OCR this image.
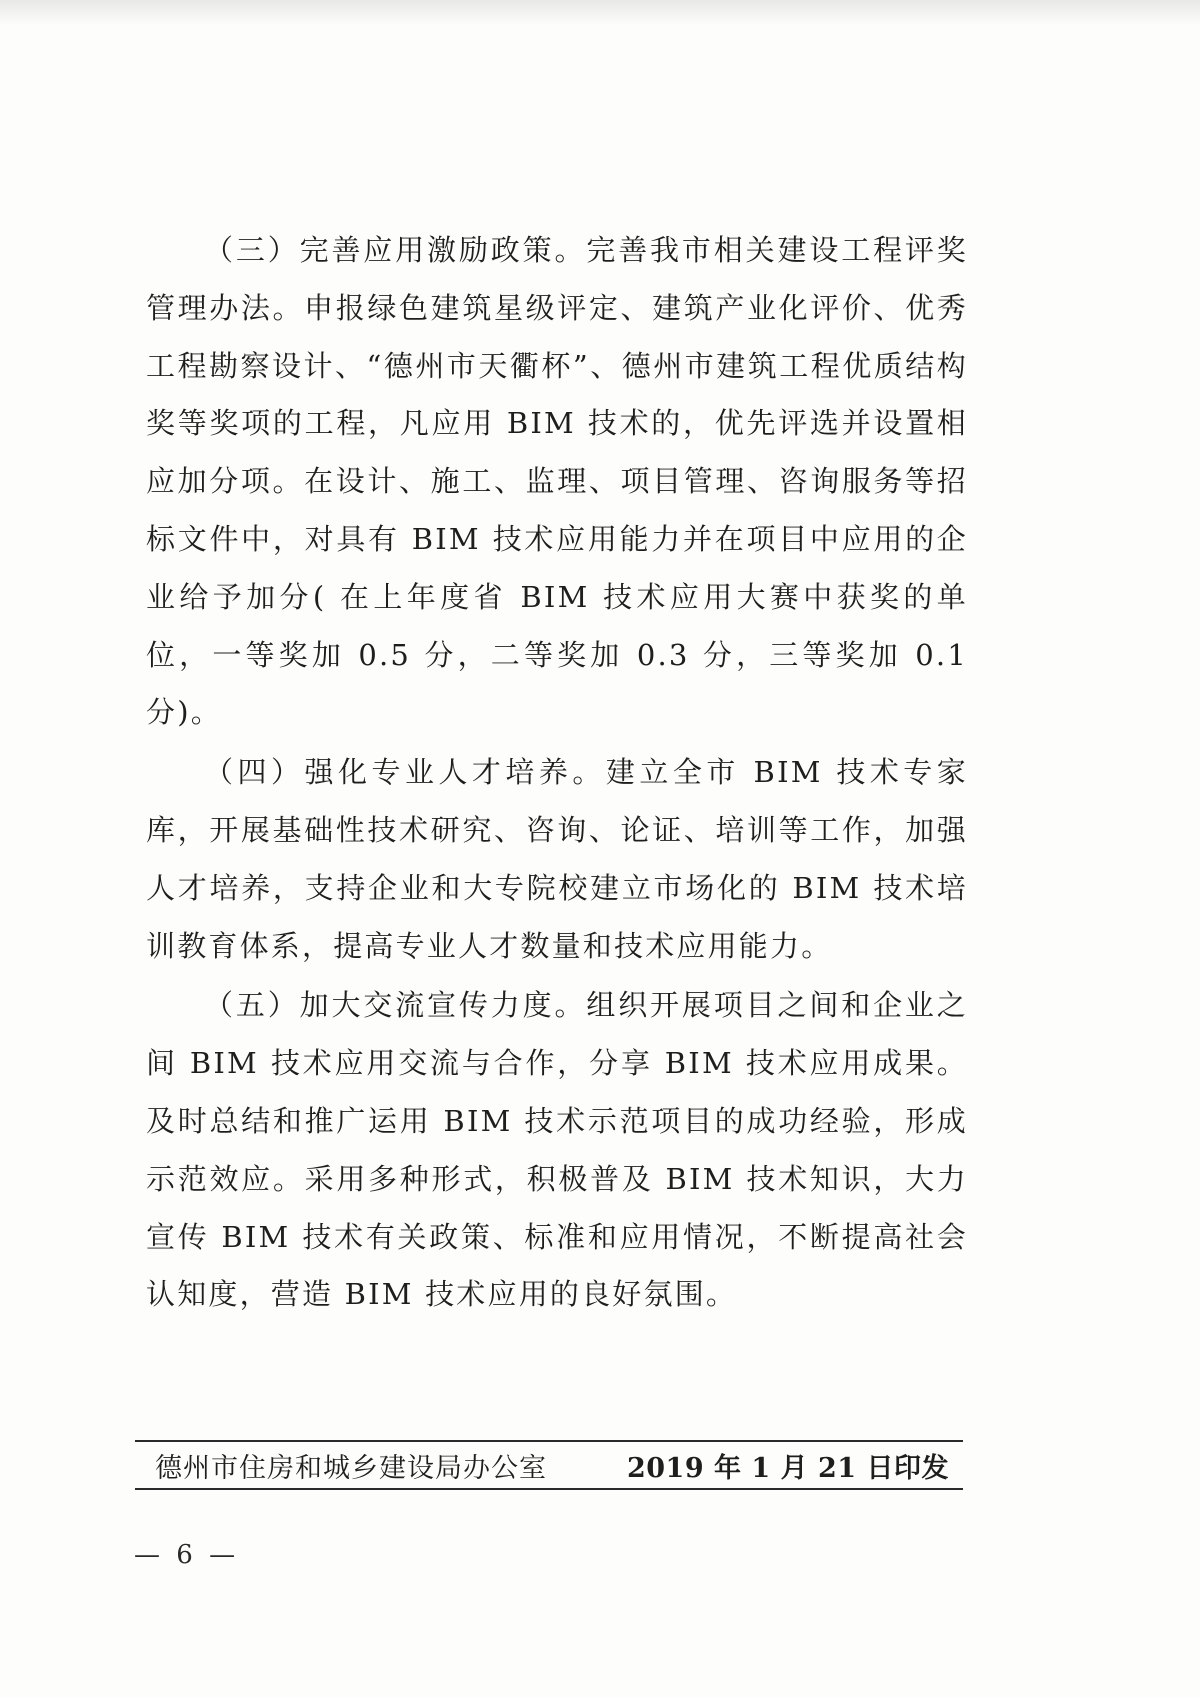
（三）完善应用激励政策。完善我市相关建设工程评奖管理办法。申报绿色建筑星级评定、建筑产业化评价、优秀工程勘察设计、“德州市天衢杯”、德州市建筑工程优质结构奖等奖项的工程，凡应用 BIM 技术的，优先评选并设置相应加分项。在设计、施工、监理、项目管理、咨询服务等招标文件中，对具有 BIM 技术应用能力并在项目中应用的企业给予加分( 在上年度省 BIM 技术应用大赛中获奖的单位，一等奖加 0.5 分，二等奖加 0.3 分，三等奖加 0.1 分)。

（四）强化专业人才培养。建立全市 BIM 技术专家库，开展基础性技术研究、咨询、论证、培训等工作，加强人才培养，支持企业和大专院校建立市场化的 BIM 技术培训教育体系，提高专业人才数量和技术应用能力。

（五）加大交流宣传力度。组织开展项目之间和企业之间 BIM 技术应用交流与合作，分享 BIM 技术应用成果。及时总结和推广运用 BIM 技术示范项目的成功经验，形成示范效应。采用多种形式，积极普及 BIM 技术知识，大力宣传 BIM 技术有关政策、标准和应用情况，不断提高社会认知度，营造 BIM 技术应用的良好氛围。

德州市住房和城乡建设局办公室	2019 年 1 月 21 日印发
— 6 —
